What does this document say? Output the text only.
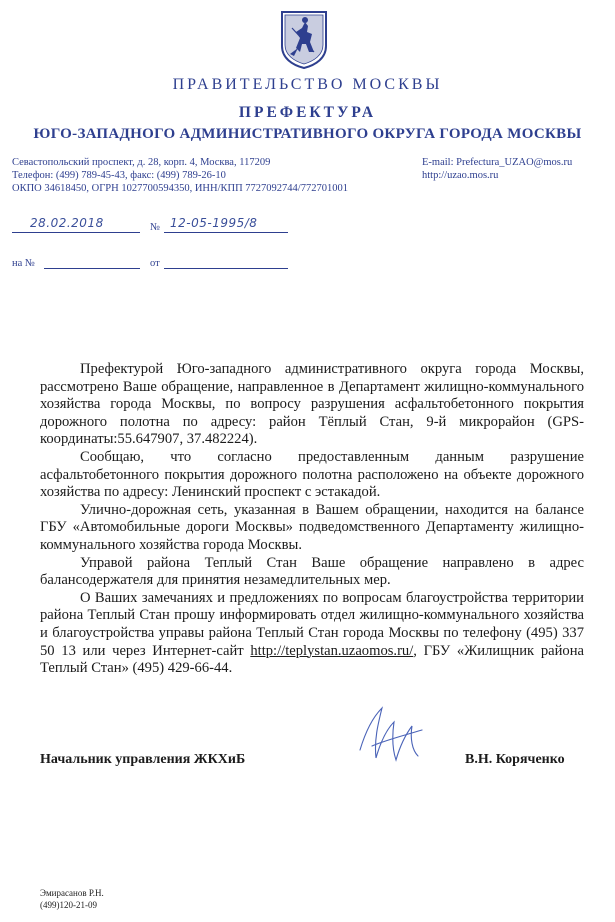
ПРАВИТЕЛЬСТВО МОСКВЫ
ПРЕФЕКТУРА
ЮГО-ЗАПАДНОГО АДМИНИСТРАТИВНОГО ОКРУГА ГОРОДА МОСКВЫ
Севастопольский проспект, д. 28, корп. 4, Москва, 117209
Телефон: (499) 789-45-43, факс: (499) 789-26-10
ОКПО 34618450, ОГРН 1027700594350, ИНН/КПП 7727092744/772701001
E-mail: Prefectura_UZAO@mos.ru
http://uzao.mos.ru
28.02.2018	№ 12-05-1995/8
на №	от

Префектурой Юго-западного административного округа города Москвы, рассмотрено Ваше обращение, направленное в Департамент жилищно-коммунального хозяйства города Москвы, по вопросу разрушения асфальтобетонного покрытия дорожного полотна по адресу: район Тёплый Стан, 9-й микрорайон (GPS-координаты:55.647907, 37.482224).

Сообщаю, что согласно предоставленным данным разрушение асфальтобетонного покрытия дорожного полотна расположено на объекте дорожного хозяйства по адресу: Ленинский проспект с эстакадой.

Улично-дорожная сеть, указанная в Вашем обращении, находится на балансе ГБУ «Автомобильные дороги Москвы» подведомственного Департаменту жилищно-коммунального хозяйства города Москвы.

Управой района Теплый Стан Ваше обращение направлено в адрес балансодержателя для принятия незамедлительных мер.

О Ваших замечаниях и предложениях по вопросам благоустройства территории района Теплый Стан прошу информировать отдел жилищно-коммунального хозяйства и благоустройства управы района Теплый Стан города Москвы по телефону (495) 337 50 13 или через Интернет-сайт http://teplystan.uzaomos.ru/, ГБУ «Жилищник района Теплый Стан» (495) 429-66-44.

Начальник управления ЖКХиБ	В.Н. Коряченко
Эмирасанов Р.Н.
(499)120-21-09
